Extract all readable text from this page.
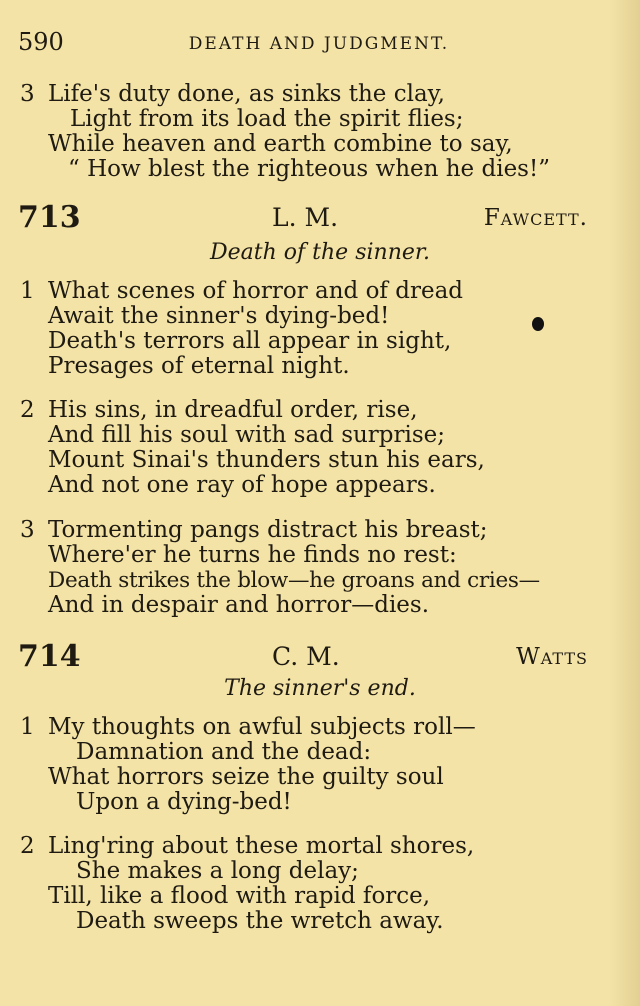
590	DEATH AND JUDGMENT.
3 Life's duty done, as sinks the clay,
Light from its load the spirit flies;
While heaven and earth combine to say,
“ How blest the righteous when he dies!”
713	L. M.	Fawcett.
Death of the sinner.
1 What scenes of horror and of dread
Await the sinner's dying-bed!
Death's terrors all appear in sight,
Presages of eternal night.
2 His sins, in dreadful order, rise,
And fill his soul with sad surprise;
Mount Sinai's thunders stun his ears,
And not one ray of hope appears.
3 Tormenting pangs distract his breast;
Where'er he turns he finds no rest:
Death strikes the blow—he groans and cries—
And in despair and horror—dies.
714	C. M.	Watts
The sinner's end.
1 My thoughts on awful subjects roll—
Damnation and the dead:
What horrors seize the guilty soul
Upon a dying-bed!
2 Ling'ring about these mortal shores,
She makes a long delay;
Till, like a flood with rapid force,
Death sweeps the wretch away.
